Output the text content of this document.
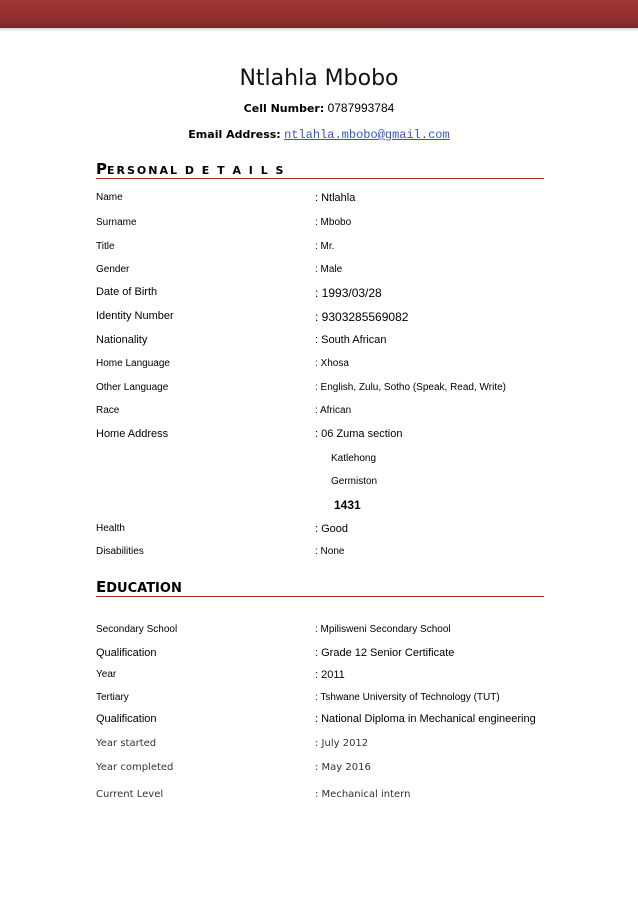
Ntlahla Mbobo
Cell Number: 0787993784
Email Address: ntlahla.mbobo@gmail.com
PERSONAL D E T A I L S
Name	: Ntlahla
Surname	: Mbobo
Title	: Mr.
Gender	: Male
Date of Birth	: 1993/03/28
Identity Number	: 9303285569082
Nationality	: South African
Home Language	: Xhosa
Other Language	: English, Zulu, Sotho (Speak, Read, Write)
Race	: African
Home Address	: 06 Zuma section
Katlehong
Germiston
1431
Health	: Good
Disabilities	: None
EDUCATION
Secondary School	: Mpilisweni Secondary School
Qualification	: Grade 12 Senior Certificate
Year	: 2011
Tertiary	: Tshwane University of Technology (TUT)
Qualification	: National Diploma in Mechanical engineering
Year started	: July 2012
Year completed	: May 2016
Current Level	: Mechanical intern
